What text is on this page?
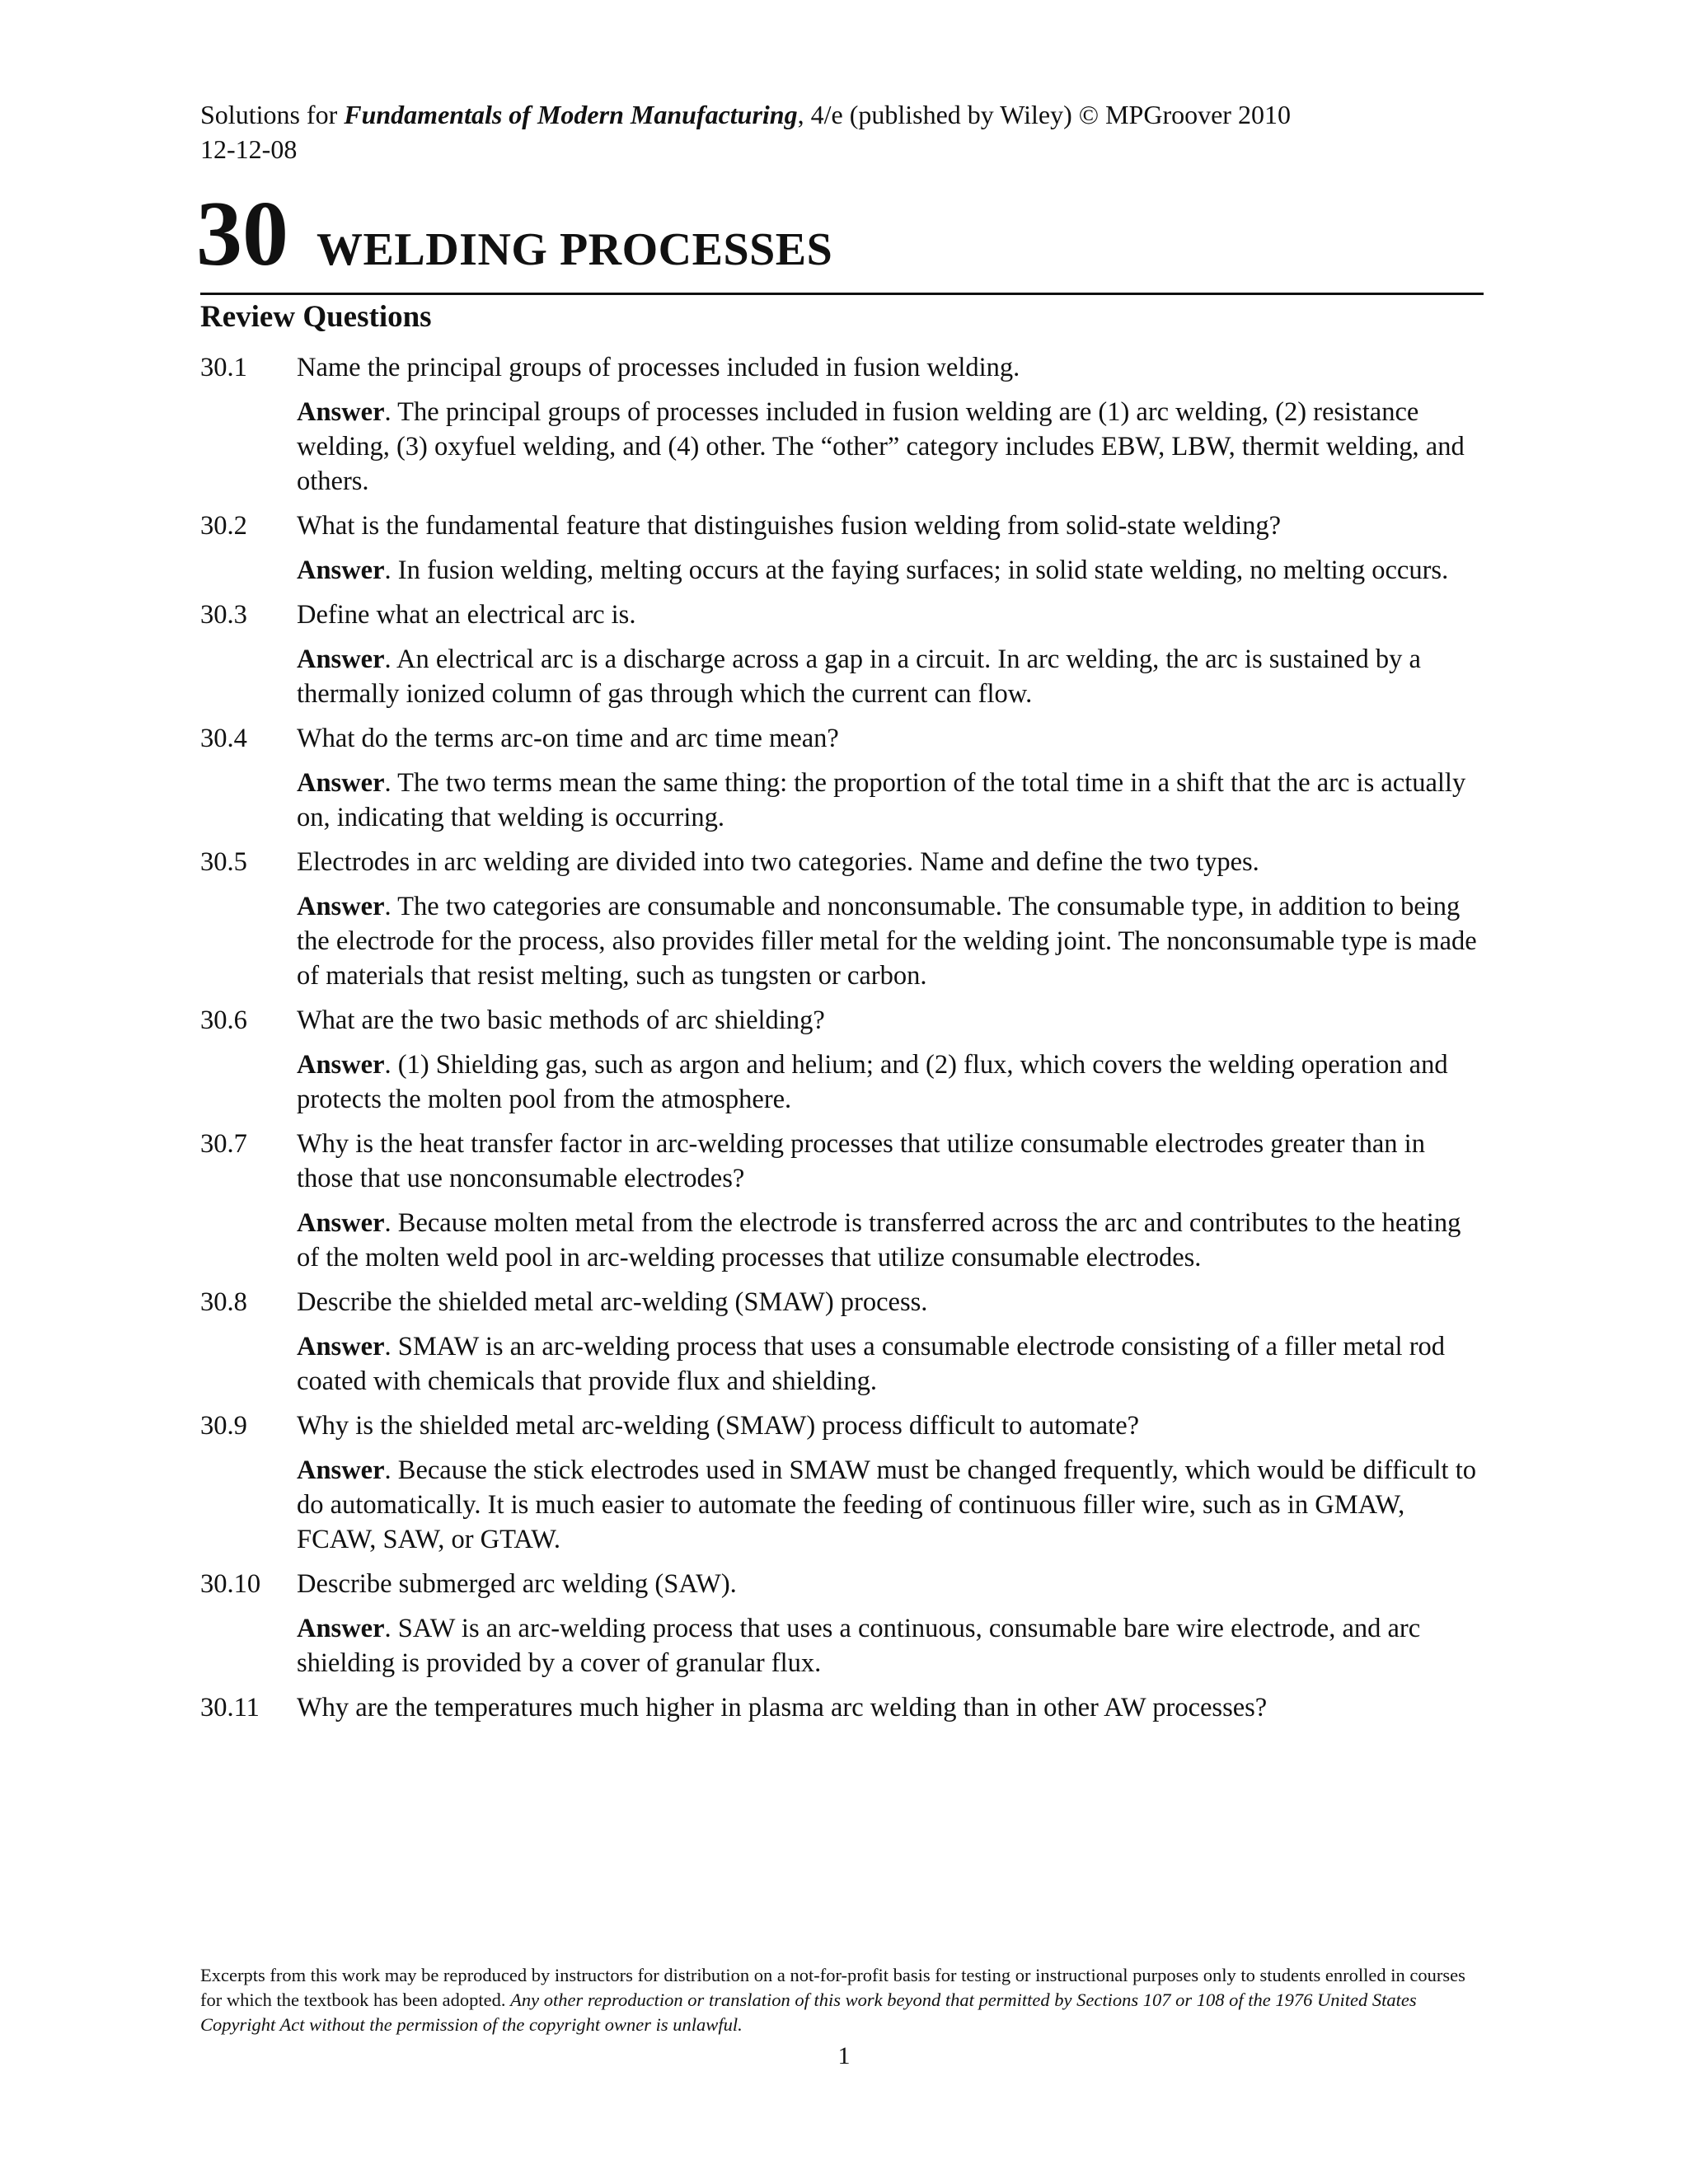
Solutions for Fundamentals of Modern Manufacturing, 4/e (published by Wiley) © MPGroover 2010
12-12-08
30 WELDING PROCESSES
Review Questions
30.1	Name the principal groups of processes included in fusion welding.
Answer. The principal groups of processes included in fusion welding are (1) arc welding, (2) resistance welding, (3) oxyfuel welding, and (4) other. The “other” category includes EBW, LBW, thermit welding, and others.
30.2	What is the fundamental feature that distinguishes fusion welding from solid-state welding?
Answer. In fusion welding, melting occurs at the faying surfaces; in solid state welding, no melting occurs.
30.3	Define what an electrical arc is.
Answer. An electrical arc is a discharge across a gap in a circuit. In arc welding, the arc is sustained by a thermally ionized column of gas through which the current can flow.
30.4	What do the terms arc-on time and arc time mean?
Answer. The two terms mean the same thing: the proportion of the total time in a shift that the arc is actually on, indicating that welding is occurring.
30.5	Electrodes in arc welding are divided into two categories. Name and define the two types.
Answer. The two categories are consumable and nonconsumable. The consumable type, in addition to being the electrode for the process, also provides filler metal for the welding joint. The nonconsumable type is made of materials that resist melting, such as tungsten or carbon.
30.6	What are the two basic methods of arc shielding?
Answer. (1) Shielding gas, such as argon and helium; and (2) flux, which covers the welding operation and protects the molten pool from the atmosphere.
30.7	Why is the heat transfer factor in arc-welding processes that utilize consumable electrodes greater than in those that use nonconsumable electrodes?
Answer. Because molten metal from the electrode is transferred across the arc and contributes to the heating of the molten weld pool in arc-welding processes that utilize consumable electrodes.
30.8	Describe the shielded metal arc-welding (SMAW) process.
Answer. SMAW is an arc-welding process that uses a consumable electrode consisting of a filler metal rod coated with chemicals that provide flux and shielding.
30.9	Why is the shielded metal arc-welding (SMAW) process difficult to automate?
Answer. Because the stick electrodes used in SMAW must be changed frequently, which would be difficult to do automatically. It is much easier to automate the feeding of continuous filler wire, such as in GMAW, FCAW, SAW, or GTAW.
30.10	Describe submerged arc welding (SAW).
Answer. SAW is an arc-welding process that uses a continuous, consumable bare wire electrode, and arc shielding is provided by a cover of granular flux.
30.11	Why are the temperatures much higher in plasma arc welding than in other AW processes?
Excerpts from this work may be reproduced by instructors for distribution on a not-for-profit basis for testing or instructional purposes only to students enrolled in courses for which the textbook has been adopted. Any other reproduction or translation of this work beyond that permitted by Sections 107 or 108 of the 1976 United States Copyright Act without the permission of the copyright owner is unlawful.
1
